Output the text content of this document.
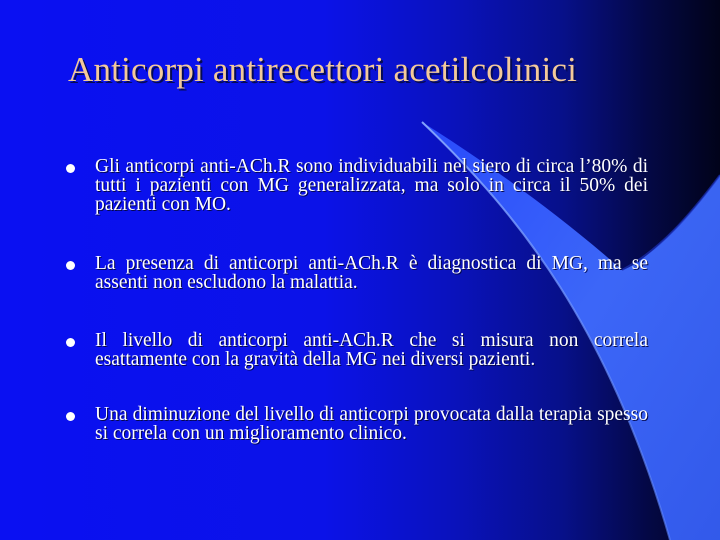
Anticorpi antirecettori acetilcolinici
Gli anticorpi anti-ACh.R sono individuabili nel siero di circa l’80% di tutti i pazienti con MG generalizzata, ma solo in circa il 50% dei pazienti con MO.
La presenza di anticorpi anti-ACh.R è diagnostica di MG, ma se assenti non escludono la malattia.
Il livello di anticorpi anti-ACh.R che si misura non correla esattamente con la gravità della MG nei diversi pazienti.
Una diminuzione del livello di anticorpi provocata dalla terapia spesso si correla con un miglioramento clinico.
